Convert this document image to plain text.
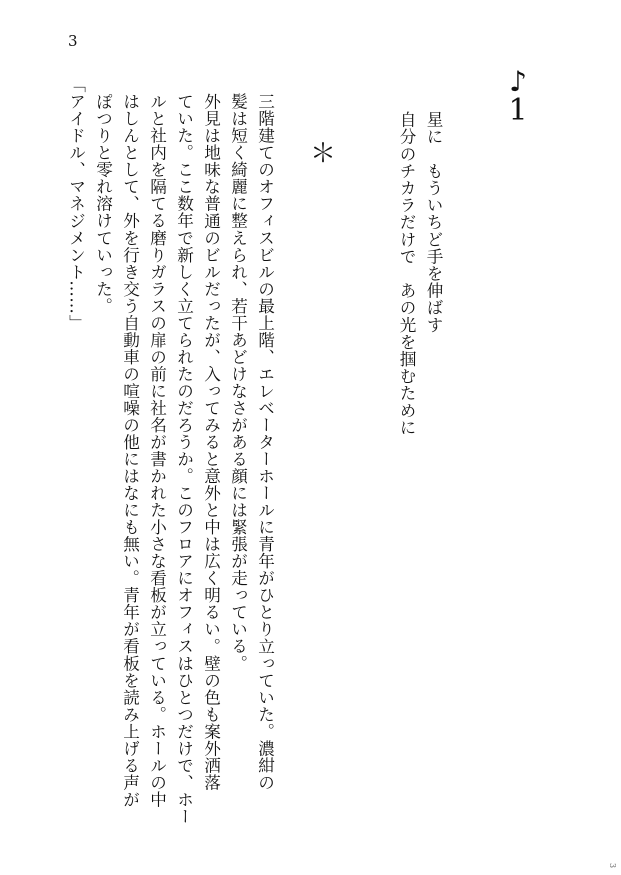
3
♪
1
星に　もういちど手を伸ばす
自分のチカラだけで　あの光を掴むために
＊
　三階建てのオフィスビルの最上階、エレベーターホールに青年がひとり立っていた。濃紺の
髪は短く綺麗に整えられ、若干あどけなさがある顔には緊張が走っている。
　外見は地味な普通のビルだったが、入ってみると意外と中は広く明るい。壁の色も案外洒落
ていた。ここ数年で新しく立てられたのだろうか。このフロアにオフィスはひとつだけで、ホー
ルと社内を隔てる磨りガラスの扉の前に社名が書かれた小さな看板が立っている。ホールの中
はしんとして、外を行き交う自動車の喧噪の他にはなにも無い。青年が看板を読み上げる声が
ぽつりと零れ溶けていった。
「アイドル、マネジメント……」
3
